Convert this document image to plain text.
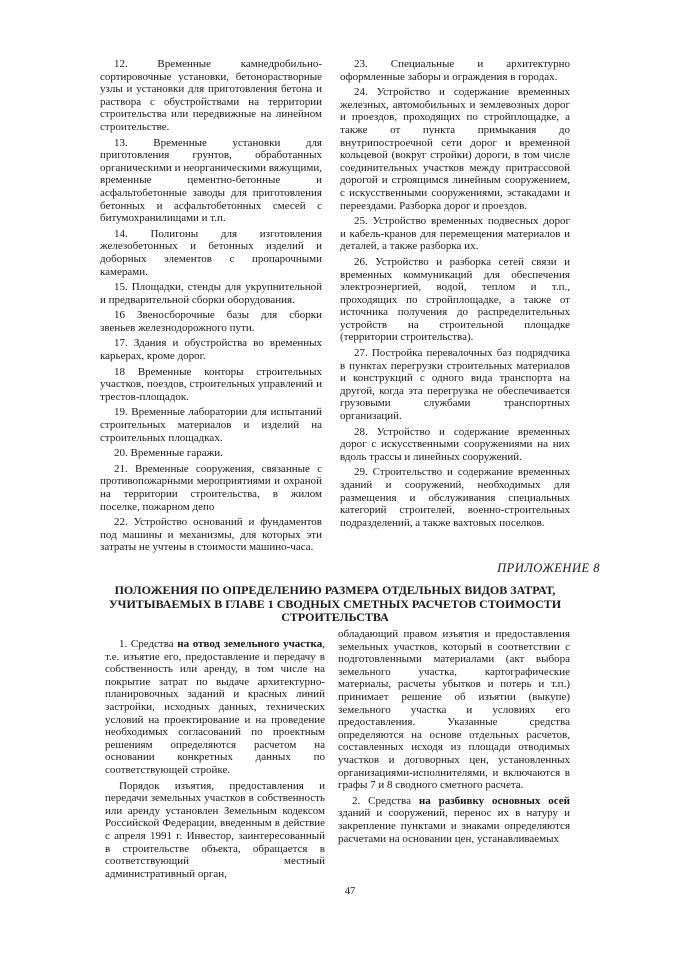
12. Временные камнедробильно-сортировочные установки, бетонорастворные узлы и установки для приготовления бетона и раствора с обустройствами на территории строительства или передвижные на линейном строительстве.

13. Временные установки для приготовления грунтов, обработанных органическими и неорганическими вяжущими, временные цементно-бетонные и асфальтобетонные заводы для приготовления бетонных и асфальтобетонных смесей с битумохранилищами и т.п.

14. Полигоны для изготовления железобетонных и бетонных изделий и доборных элементов с пропарочными камерами.

15. Площадки, стенды для укрупнительной и предварительной сборки оборудования.

16 Звеносборочные базы для сборки звеньев железнодорожного пути.

17. Здания и обустройства во временных карьерах, кроме дорог.

18 Временные конторы строительных участков, поездов, строительных управлений и трестов-площадок.

19. Временные лаборатории для испытаний строительных материалов и изделий на строительных площадках.

20. Временные гаражи.

21. Временные сооружения, связанные с противопожарными мероприятиями и охраной на территории строительства, в жилом поселке, пожарном депо

22. Устройство оснований и фундаментов под машины и механизмы, для которых эти затраты не учтены в стоимости машино-часа.

23. Специальные и архитектурно оформленные заборы и ограждения в городах.

24. Устройство и содержание временных железных, автомобильных и землевозных дорог и проездов, проходящих по стройплощадке, а также от пункта примыкания до внутрипостроечной сети дорог и временной кольцевой (вокруг стройки) дороги, в том числе соединительных участков между притрассовой дорогой и строящимся линейным сооружением, с искусственными сооружениями, эстакадами и переездами. Разборка дорог и проездов.

25. Устройство временных подвесных дорог и кабель-кранов для перемещения материалов и деталей, а также разборка их.

26. Устройство и разборка сетей связи и временных коммуникаций для обеспечения электроэнергией, водой, теплом и т.п., проходящих по стройплощадке, а также от источника получения до распределительных устройств на строительной площадке (территории строительства).

27. Постройка перевалочных баз подрядчика в пунктах перегрузки строительных материалов и конструкций с одного вида транспорта на другой, когда эта перегрузка не обеспечивается грузовыми службами транспортных организаций.

28. Устройство и содержание временных дорог с искусственными сооружениями на них вдоль трассы и линейных сооружений.

29. Строительство и содержание временных зданий и сооружений, необходимых для размещения и обслуживания специальных категорий строителей, военно-строительных подразделений, а также вахтовых поселков.

ПРИЛОЖЕНИЕ 8
ПОЛОЖЕНИЯ ПО ОПРЕДЕЛЕНИЮ РАЗМЕРА ОТДЕЛЬНЫХ ВИДОВ ЗАТРАТ, УЧИТЫВАЕМЫХ В ГЛАВЕ 1 СВОДНЫХ СМЕТНЫХ РАСЧЕТОВ СТОИМОСТИ СТРОИТЕЛЬСТВА

1. Средства на отвод земельного участка, т.е. изъятие его, предоставление и передачу в собственность или аренду, в том числе на покрытие затрат по выдаче архитектурно-планировочных заданий и красных линий застройки, исходных данных, технических условий на проектирование и на проведение необходимых согласований по проектным решениям определяются расчетом на основании конкретных данных по соответствующей стройке.

Порядок изъятия, предоставления и передачи земельных участков в собственность или аренду установлен Земельным кодексом Российской Федерации, введенным в действие с апреля 1991 г. Инвестор, заинтересованный в строительстве объекта, обращается в соответствующий местный административный орган,

обладающий правом изъятия и предоставления земельных участков, который в соответствии с подготовленными материалами (акт выбора земельного участка, картографические материалы, расчеты убытков и потерь и т.п.) принимает решение об изъятии (выкупе) земельного участка и условиях его предоставления. Указанные средства определяются на основе отдельных расчетов, составленных исходя из площади отводимых участков и договорных цен, установленных организациями-исполнителями, и включаются в графы 7 и 8 сводного сметного расчета.

2. Средства на разбивку основных осей зданий и сооружений, перенос их в натуру и закрепление пунктами и знаками определяются расчетами на основании цен, устанавливаемых

47
